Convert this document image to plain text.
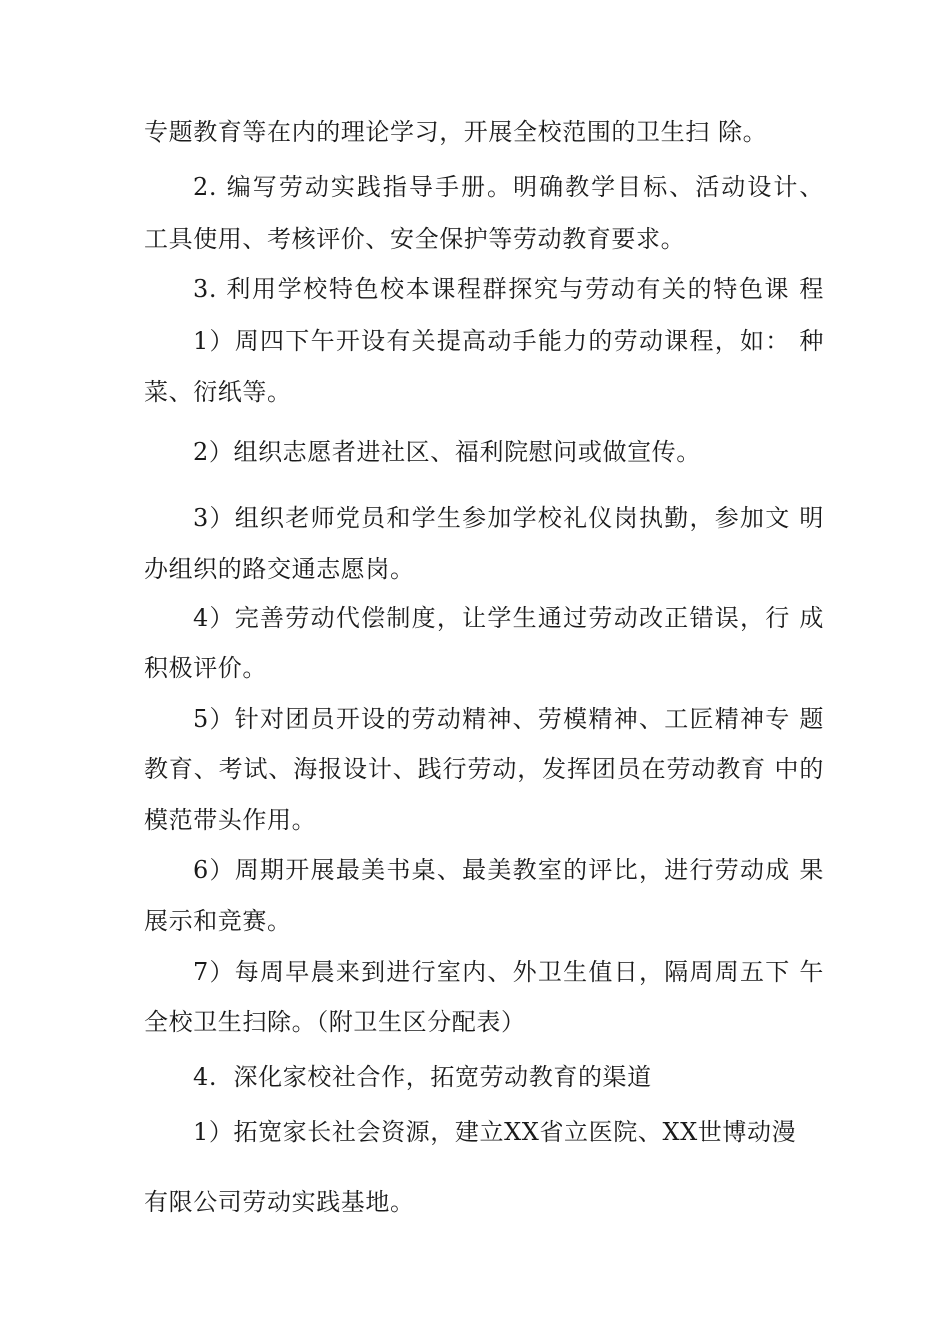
专题教育等在内的理论学习，开展全校范围的卫生扫 除。
2. 编写劳动实践指导手册。明确教学目标、活动设计、
工具使用、考核评价、安全保护等劳动教育要求。
3. 利用学校特色校本课程群探究与劳动有关的特色课 程
1）周四下午开设有关提高动手能力的劳动课程，如： 种
菜、衍纸等。
2）组织志愿者进社区、福利院慰问或做宣传。
3）组织老师党员和学生参加学校礼仪岗执勤，参加文 明
办组织的路交通志愿岗。
4）完善劳动代偿制度，让学生通过劳动改正错误，行 成
积极评价。
5）针对团员开设的劳动精神、劳模精神、工匠精神专 题
教育、考试、海报设计、践行劳动，发挥团员在劳动教育 中的
模范带头作用。
6）周期开展最美书桌、最美教室的评比，进行劳动成 果
展示和竞赛。
7）每周早晨来到进行室内、外卫生值日，隔周周五下 午
全校卫生扫除。（附卫生区分配表）
4.  深化家校社合作，拓宽劳动教育的渠道
1）拓宽家长社会资源，建立XX省立医院、XX世博动漫
有限公司劳动实践基地。
